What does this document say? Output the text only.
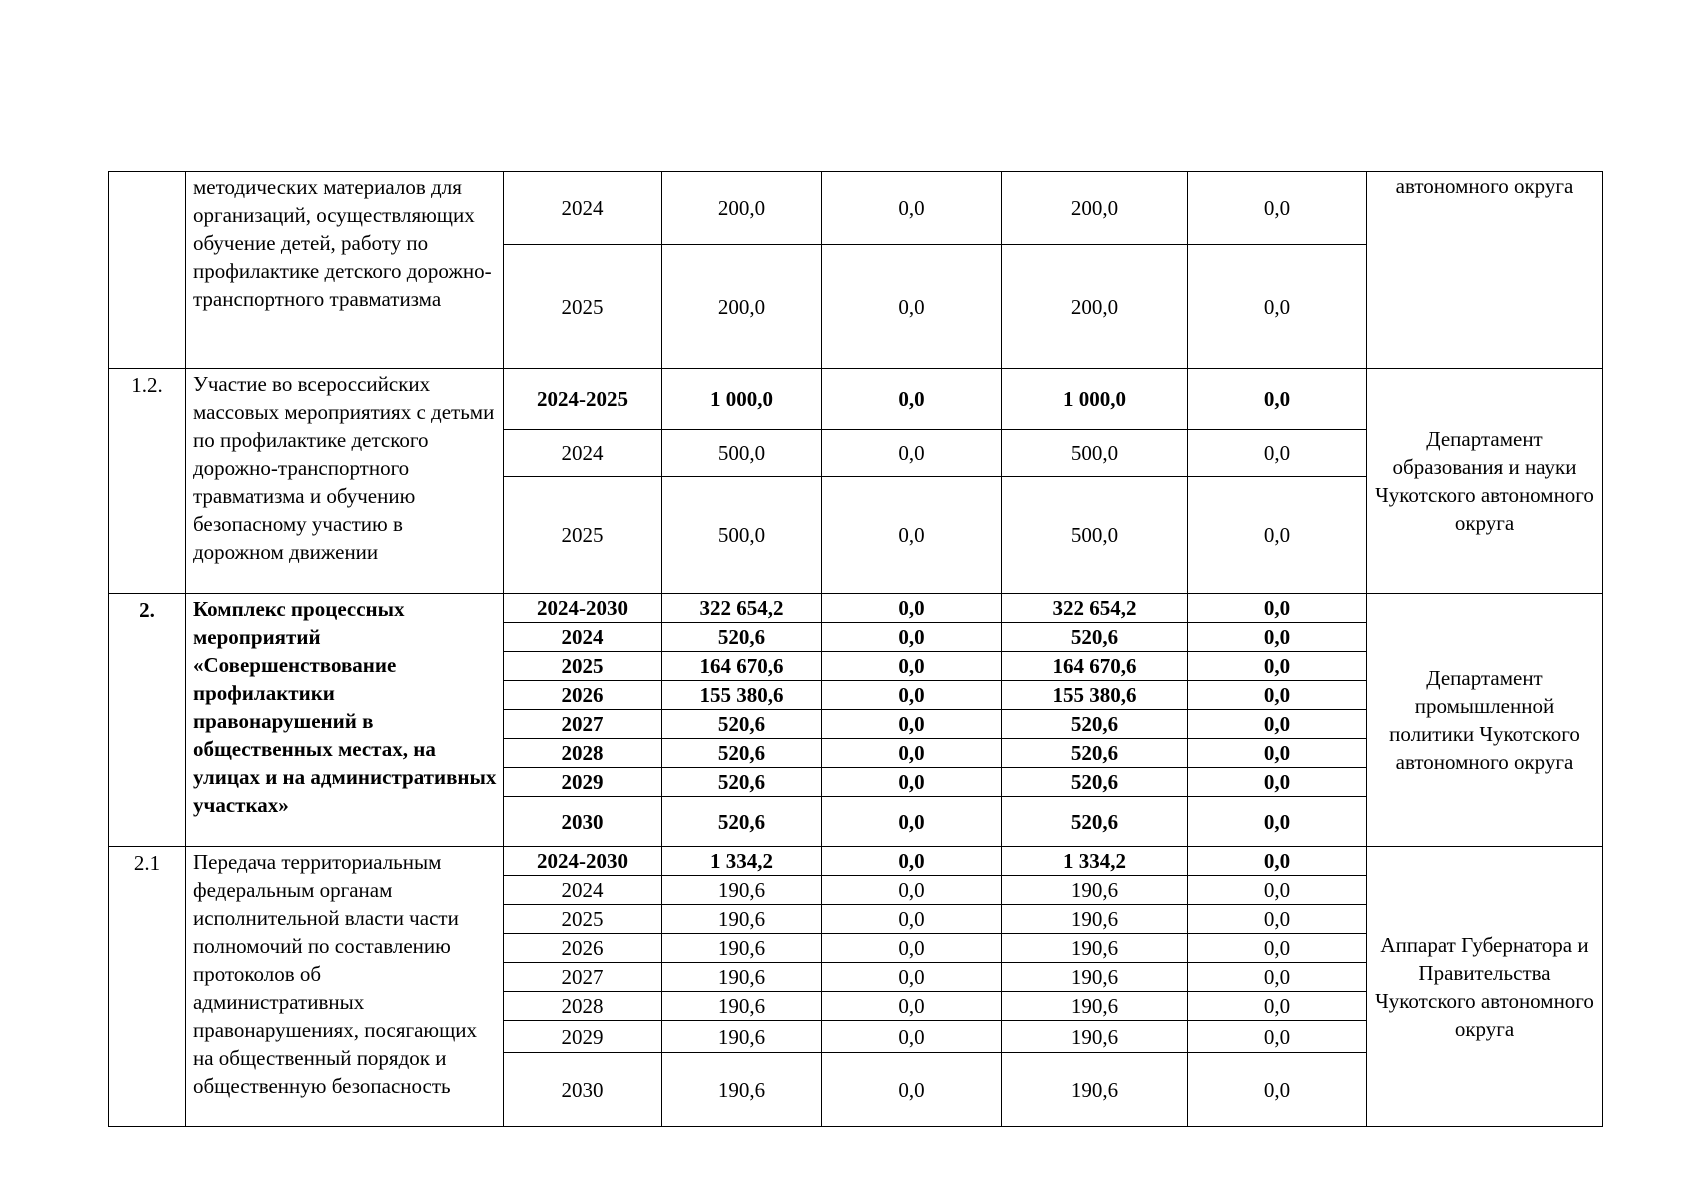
	методических материалов для организаций, осуществляющих обучение детей, работу по профилактике детского дорожно-транспортного травматизма	2024	200,0	0,0	200,0	0,0	автономного округа
		2025	200,0	0,0	200,0	0,0	
1.2.	Участие во всероссийских массовых мероприятиях с детьми по профилактике детского дорожно-транспортного травматизма и обучению безопасному участию в дорожном движении	2024-2025	1 000,0	0,0	1 000,0	0,0	Департамент образования и науки Чукотского автономного округа
		2024	500,0	0,0	500,0	0,0	
		2025	500,0	0,0	500,0	0,0	
2.	Комплекс процессных мероприятий «Совершенствование профилактики правонарушений в общественных местах, на улицах и на административных участках»	2024-2030	322 654,2	0,0	322 654,2	0,0	Департамент промышленной политики Чукотского автономного округа
		2024	520,6	0,0	520,6	0,0	
		2025	164 670,6	0,0	164 670,6	0,0	
		2026	155 380,6	0,0	155 380,6	0,0	
		2027	520,6	0,0	520,6	0,0	
		2028	520,6	0,0	520,6	0,0	
		2029	520,6	0,0	520,6	0,0	
		2030	520,6	0,0	520,6	0,0	
2.1	Передача территориальным федеральным органам исполнительной власти части полномочий по составлению протоколов об административных правонарушениях, посягающих на общественный порядок и общественную безопасность	2024-2030	1 334,2	0,0	1 334,2	0,0	Аппарат Губернатора и Правительства Чукотского автономного округа
		2024	190,6	0,0	190,6	0,0	
		2025	190,6	0,0	190,6	0,0	
		2026	190,6	0,0	190,6	0,0	
		2027	190,6	0,0	190,6	0,0	
		2028	190,6	0,0	190,6	0,0	
		2029	190,6	0,0	190,6	0,0	
		2030	190,6	0,0	190,6	0,0	
